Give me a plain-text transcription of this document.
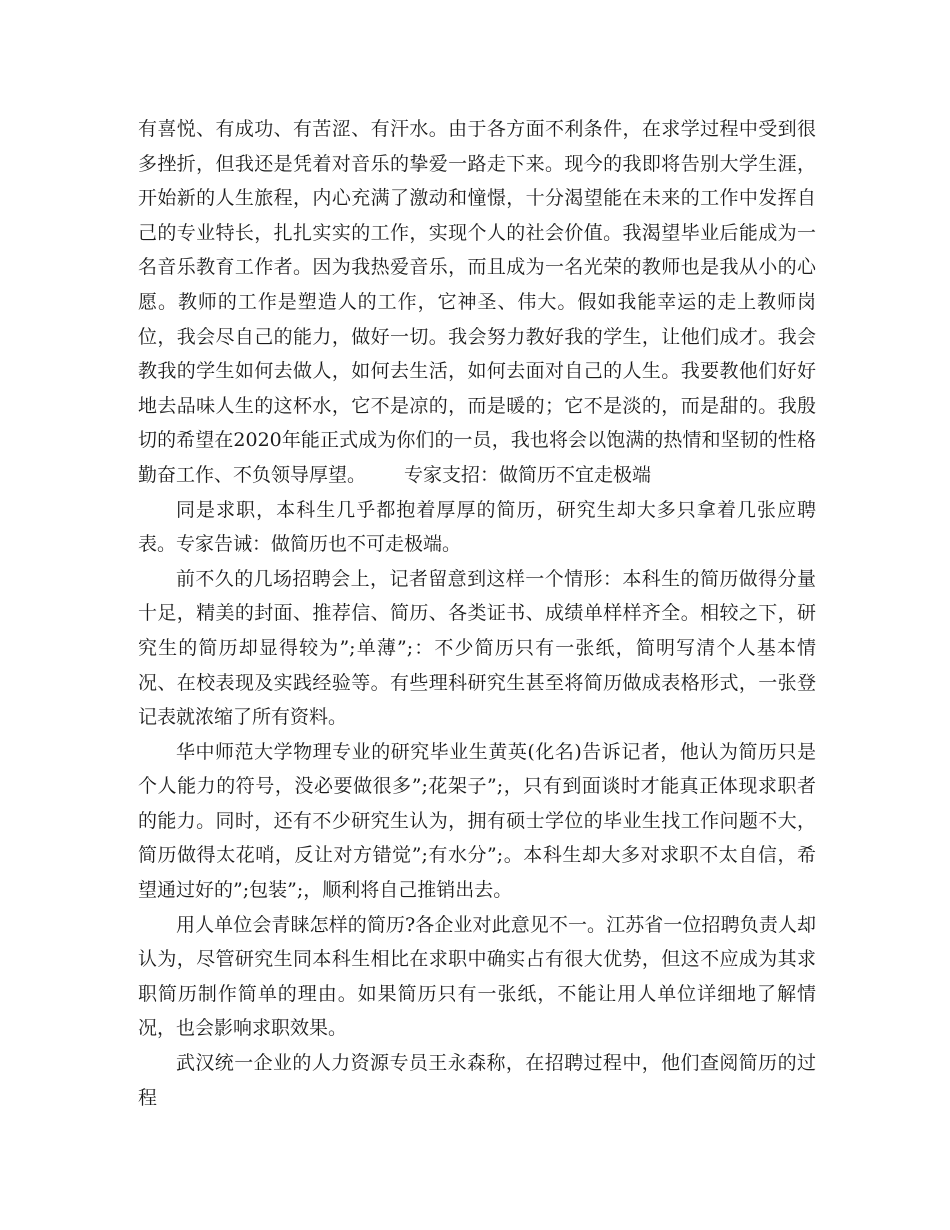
有喜悦、有成功、有苦涩、有汗水。由于各方面不利条件，在求学过程中受到很多挫折，但我还是凭着对音乐的挚爱一路走下来。现今的我即将告别大学生涯，开始新的人生旅程，内心充满了激动和憧憬，十分渴望能在未来的工作中发挥自己的专业特长，扎扎实实的工作，实现个人的社会价值。我渴望毕业后能成为一名音乐教育工作者。因为我热爱音乐，而且成为一名光荣的教师也是我从小的心愿。教师的工作是塑造人的工作，它神圣、伟大。假如我能幸运的走上教师岗位，我会尽自己的能力，做好一切。我会努力教好我的学生，让他们成才。我会教我的学生如何去做人，如何去生活，如何去面对自己的人生。我要教他们好好地去品味人生的这杯水，它不是凉的，而是暖的；它不是淡的，而是甜的。我殷切的希望在2020年能正式成为你们的一员，我也将会以饱满的热情和坚韧的性格勤奋工作、不负领导厚望。 专家支招：做简历不宜走极端

同是求职，本科生几乎都抱着厚厚的简历，研究生却大多只拿着几张应聘表。专家告诫：做简历也不可走极端。

前不久的几场招聘会上，记者留意到这样一个情形：本科生的简历做得分量十足，精美的封面、推荐信、简历、各类证书、成绩单样样齐全。相较之下，研究生的简历却显得较为”;单薄”;：不少简历只有一张纸，简明写清个人基本情况、在校表现及实践经验等。有些理科研究生甚至将简历做成表格形式，一张登记表就浓缩了所有资料。

华中师范大学物理专业的研究毕业生黄英(化名)告诉记者，他认为简历只是个人能力的符号，没必要做很多”;花架子”;，只有到面谈时才能真正体现求职者的能力。同时，还有不少研究生认为，拥有硕士学位的毕业生找工作问题不大，简历做得太花哨，反让对方错觉”;有水分”;。本科生却大多对求职不太自信，希望通过好的”;包装”;，顺利将自己推销出去。

用人单位会青睐怎样的简历?各企业对此意见不一。江苏省一位招聘负责人却认为，尽管研究生同本科生相比在求职中确实占有很大优势，但这不应成为其求职简历制作简单的理由。如果简历只有一张纸，不能让用人单位详细地了解情况，也会影响求职效果。

武汉统一企业的人力资源专员王永森称，在招聘过程中，他们查阅简历的过程
